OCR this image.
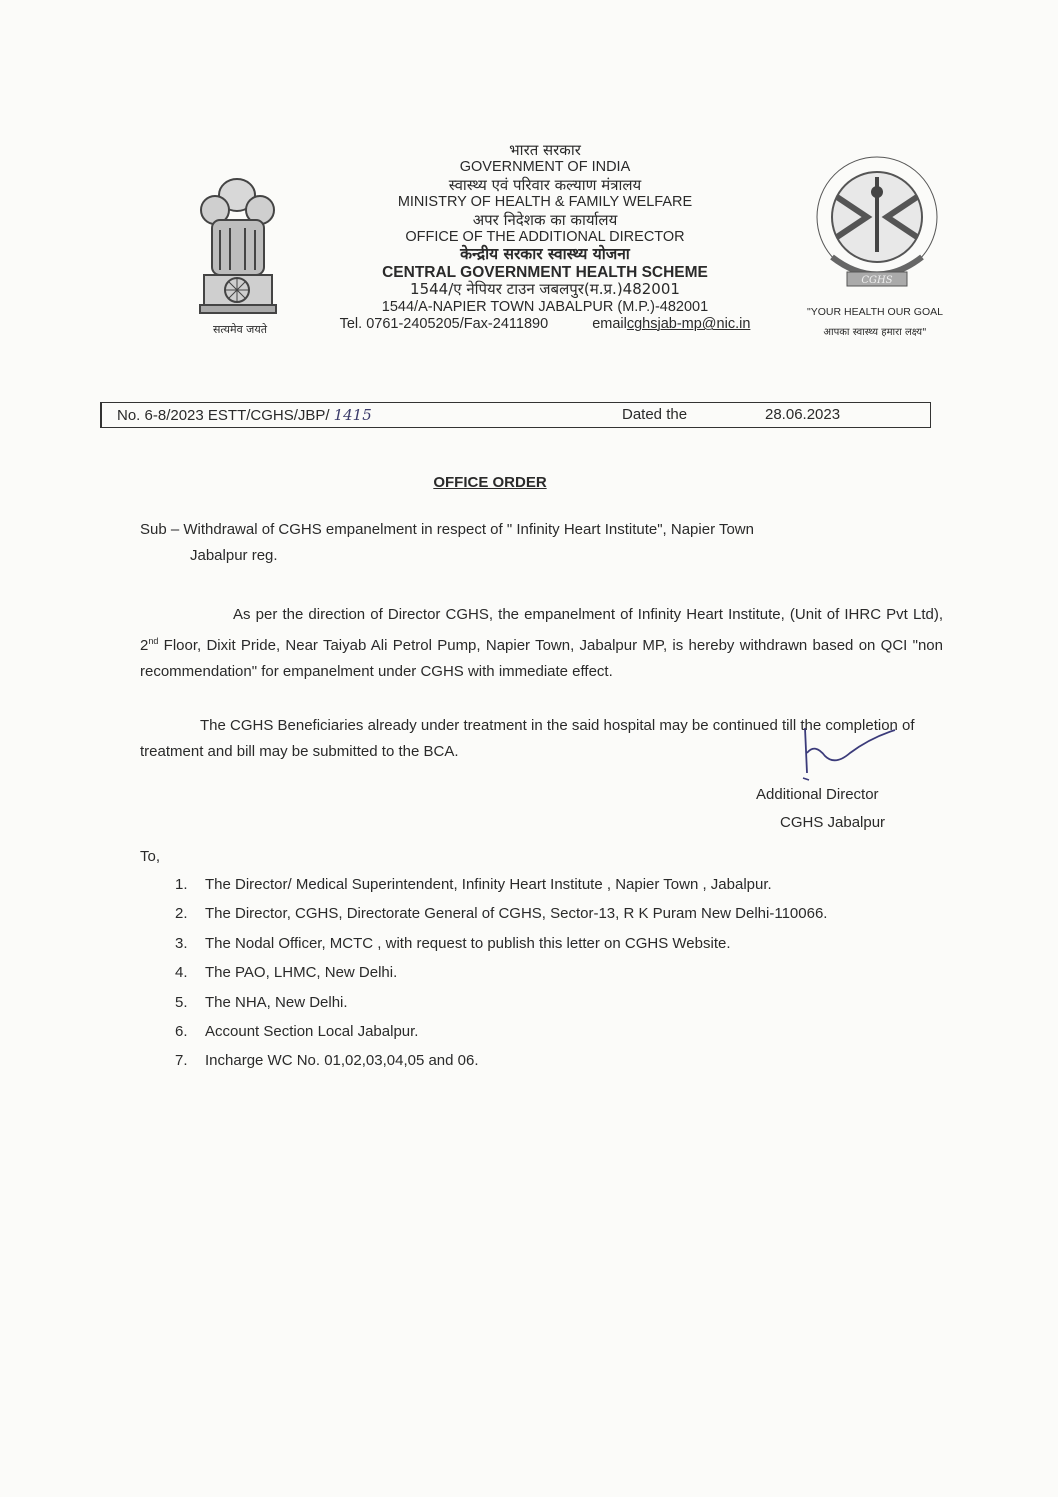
सत्यमेव जयते
भारत सरकार
GOVERNMENT OF INDIA
स्वास्थ्य एवं परिवार कल्याण मंत्रालय
MINISTRY OF HEALTH & FAMILY WELFARE
अपर निदेशक का कार्यालय
OFFICE OF THE ADDITIONAL DIRECTOR
केन्द्रीय सरकार स्वास्थ्य योजना
CENTRAL GOVERNMENT HEALTH SCHEME
1544/ए नेपियर टाउन जबलपुर(म.प्र.)482001
1544/A-NAPIER TOWN JABALPUR (M.P.)-482001
Tel. 0761-2405205/Fax-2411890	emailcghsjab-mp@nic.in
CGHS
"YOUR HEALTH OUR GOAL
आपका स्वास्थ्य हमारा लक्ष्य"
No. 6-8/2023 ESTT/CGHS/JBP/ 1415	Dated the	28.06.2023
OFFICE ORDER
Sub – Withdrawal of CGHS empanelment in respect of " Infinity Heart Institute", Napier Town
Jabalpur reg.
As per the direction of Director CGHS, the empanelment of Infinity Heart Institute, (Unit of IHRC Pvt Ltd), 2nd Floor, Dixit Pride, Near Taiyab Ali Petrol Pump, Napier Town, Jabalpur MP, is hereby withdrawn based on QCI "non recommendation" for empanelment under CGHS with immediate effect.
The CGHS Beneficiaries already under treatment in the said hospital may be continued till the completion of treatment and bill may be submitted to the BCA.
Additional Director
CGHS Jabalpur
To,
1. The Director/ Medical Superintendent, Infinity Heart Institute , Napier Town , Jabalpur.
2. The Director, CGHS, Directorate General of CGHS, Sector-13, R K Puram New Delhi-110066.
3. The Nodal Officer, MCTC , with request to publish this letter on CGHS Website.
4. The PAO, LHMC, New Delhi.
5. The NHA, New Delhi.
6. Account Section Local Jabalpur.
7. Incharge WC No. 01,02,03,04,05 and 06.
